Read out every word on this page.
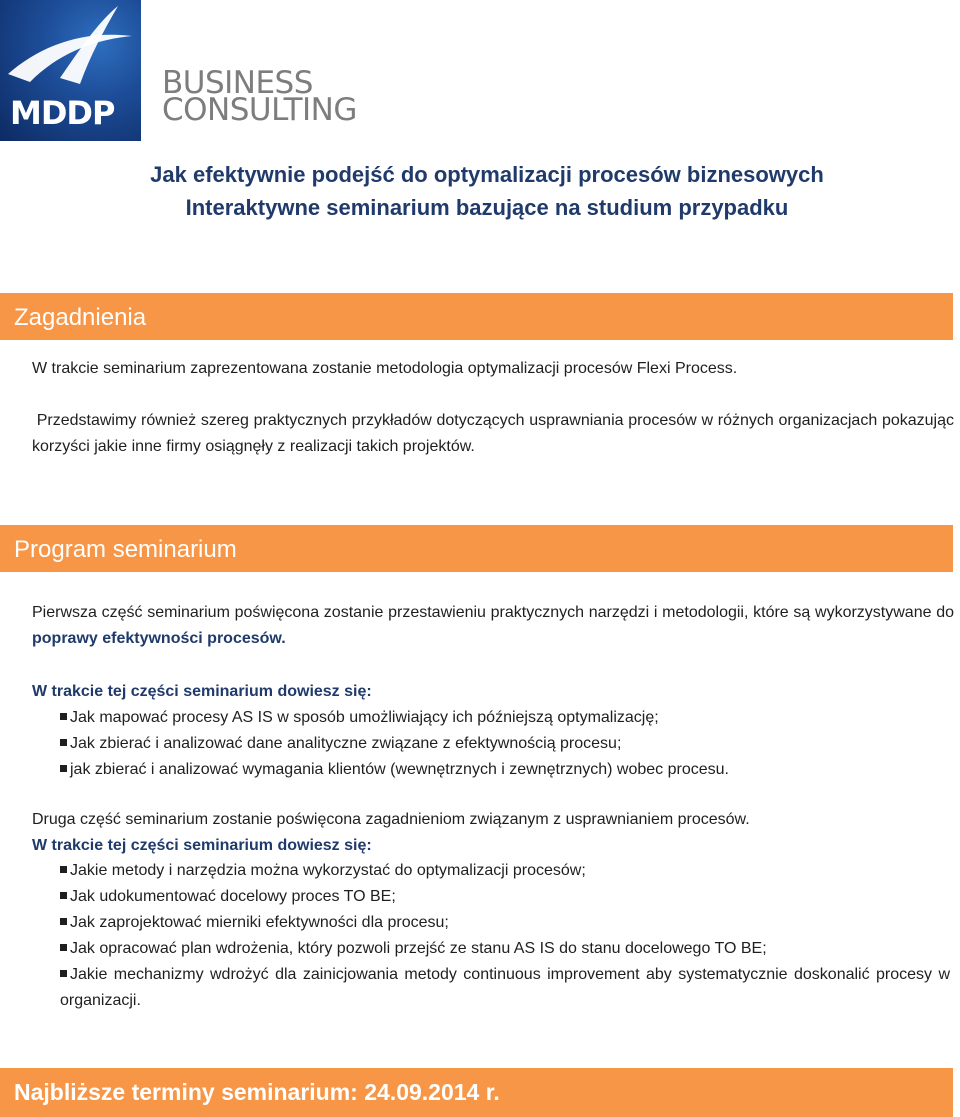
MDDP
BUSINESS
CONSULTING
Jak efektywnie podejść do optymalizacji procesów biznesowych
Interaktywne seminarium bazujące na studium przypadku
Zagadnienia
W trakcie seminarium zaprezentowana zostanie metodologia optymalizacji procesów Flexi Process.
Przedstawimy również szereg praktycznych przykładów dotyczących usprawniania procesów w różnych organizacjach pokazując korzyści jakie inne firmy osiągnęły z realizacji takich projektów.
Program seminarium
Pierwsza część seminarium poświęcona zostanie przestawieniu praktycznych narzędzi i metodologii, które są wykorzystywane do poprawy efektywności procesów.
W trakcie tej części seminarium dowiesz się:
Jak mapować procesy AS IS w sposób umożliwiający ich późniejszą optymalizację;
Jak zbierać i analizować dane analityczne związane z efektywnością procesu;
jak zbierać i analizować wymagania klientów (wewnętrznych i zewnętrznych) wobec procesu.
Druga część seminarium zostanie poświęcona zagadnieniom związanym z usprawnianiem procesów.
W trakcie tej części seminarium dowiesz się:
Jakie metody i narzędzia można wykorzystać do optymalizacji procesów;
Jak udokumentować docelowy proces TO BE;
Jak zaprojektować mierniki efektywności dla procesu;
Jak opracować plan wdrożenia, który pozwoli przejść ze stanu AS IS do stanu docelowego TO BE;
Jakie mechanizmy wdrożyć dla zainicjowania metody continuous improvement aby systematycznie doskonalić procesy w organizacji.
Najbliższe terminy seminarium: 24.09.2014 r.
